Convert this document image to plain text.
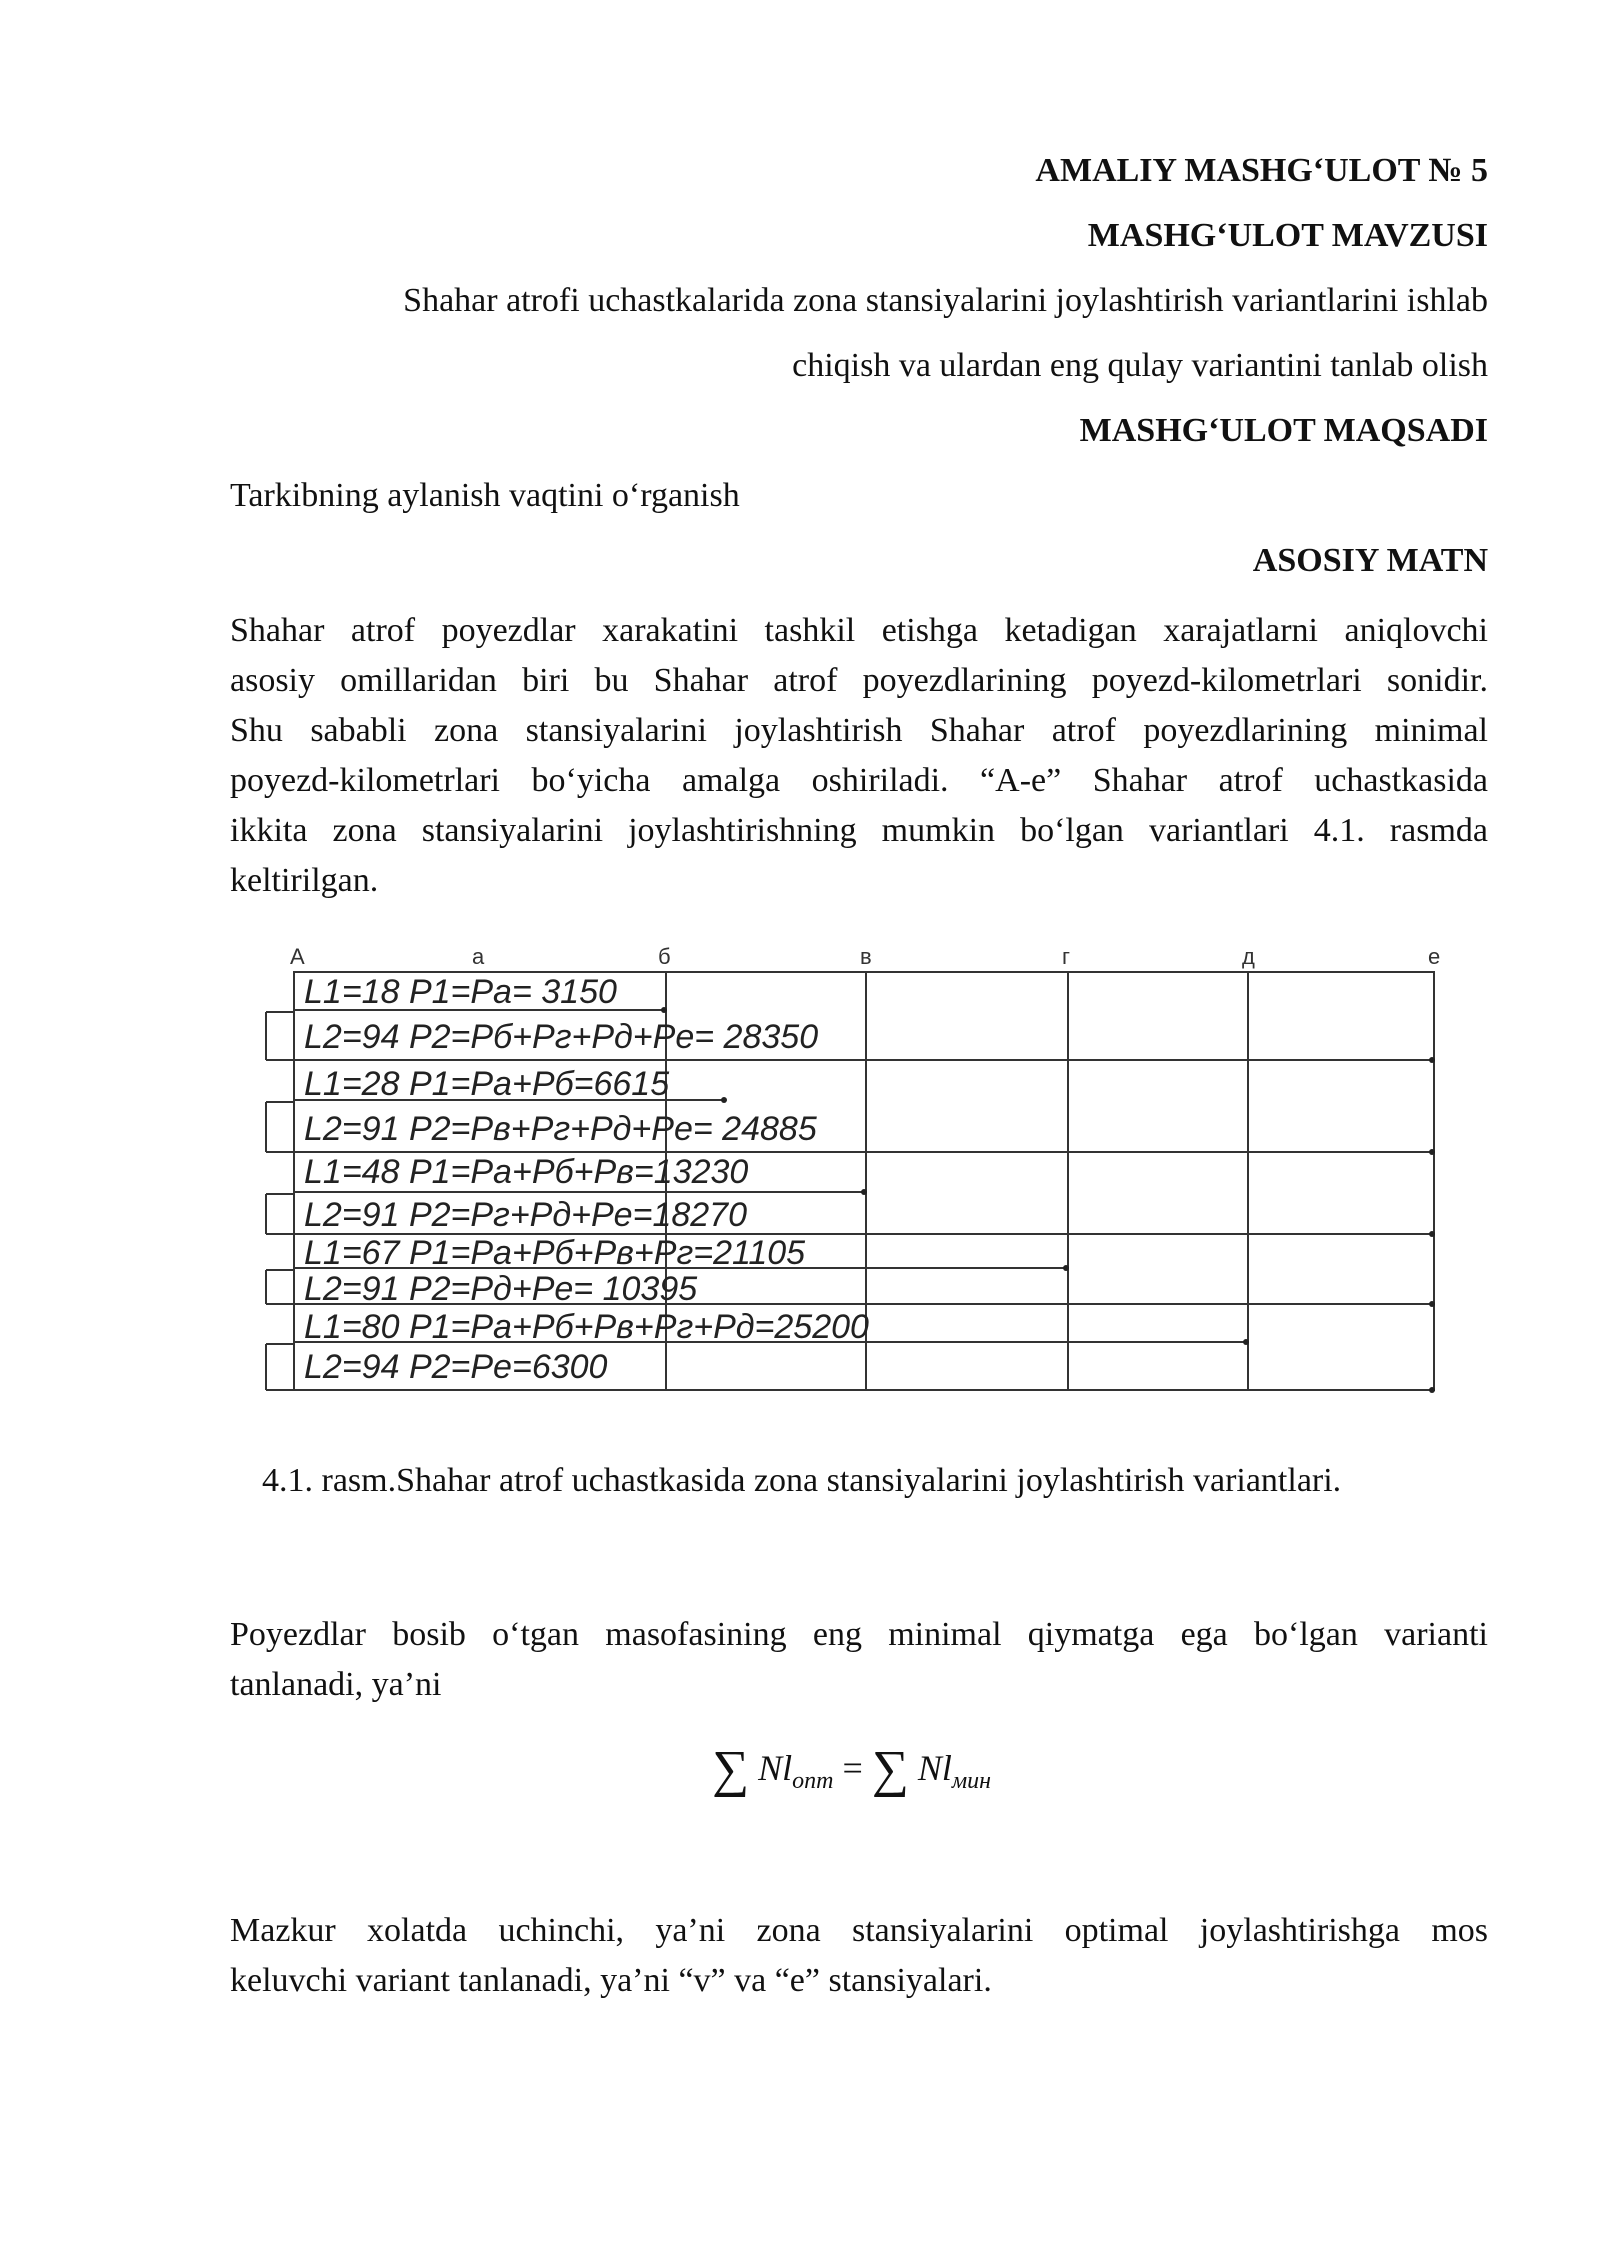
AMALIY MASHG‘ULOT № 5
MASHG‘ULOT MAVZUSI
Shahar atrofi uchastkalarida zona stansiyalarini joylashtirish variantlarini ishlab
chiqish va ulardan eng qulay variantini tanlab olish
MASHG‘ULOT MAQSADI
Tarkibning aylanish vaqtini o‘rganish
ASOSIY MATN
Shahar atrof poyezdlar xarakatini tashkil etishga ketadigan xarajatlarni aniqlovchi
asosiy omillaridan biri bu Shahar atrof poyezdlarining poyezd-kilometrlari sonidir.
Shu sababli zona stansiyalarini joylashtirish Shahar atrof poyezdlarining minimal
poyezd-kilometrlari bo‘yicha amalga oshiriladi. “A-e” Shahar atrof uchastkasida
ikkita zona stansiyalarini joylashtirishning mumkin bo‘lgan variantlari 4.1. rasmda
keltirilgan.
A	а	б	в	г	д	е
L1=18 P1=Pa= 3150
L2=94 P2=Pб+Pг+Pд+Pe= 28350
L1=28 P1=Pa+Pб=6615
L2=91 P2=Pв+Pг+Pд+Pe= 24885
L1=48 P1=Pa+Pб+Pв=13230
L2=91 P2=Pг+Pд+Pe=18270
L1=67 P1=Pa+Pб+Pв+Pг=21105
L2=91 P2=Pд+Pe= 10395
L1=80 P1=Pa+Pб+Pв+Pг+Pд=25200
L2=94 P2=Pe=6300
4.1. rasm.Shahar atrof uchastkasida zona stansiyalarini joylashtirish variantlari.
Poyezdlar bosib o‘tgan masofasining eng minimal qiymatga ega bo‘lgan varianti
tanlanadi, ya’ni
∑ $Nl_{опт}$ = ∑ $Nl_{мин}$
Mazkur xolatda uchinchi, ya’ni zona stansiyalarini optimal joylashtirishga mos
keluvchi variant tanlanadi, ya’ni “v” va “e” stansiyalari.
